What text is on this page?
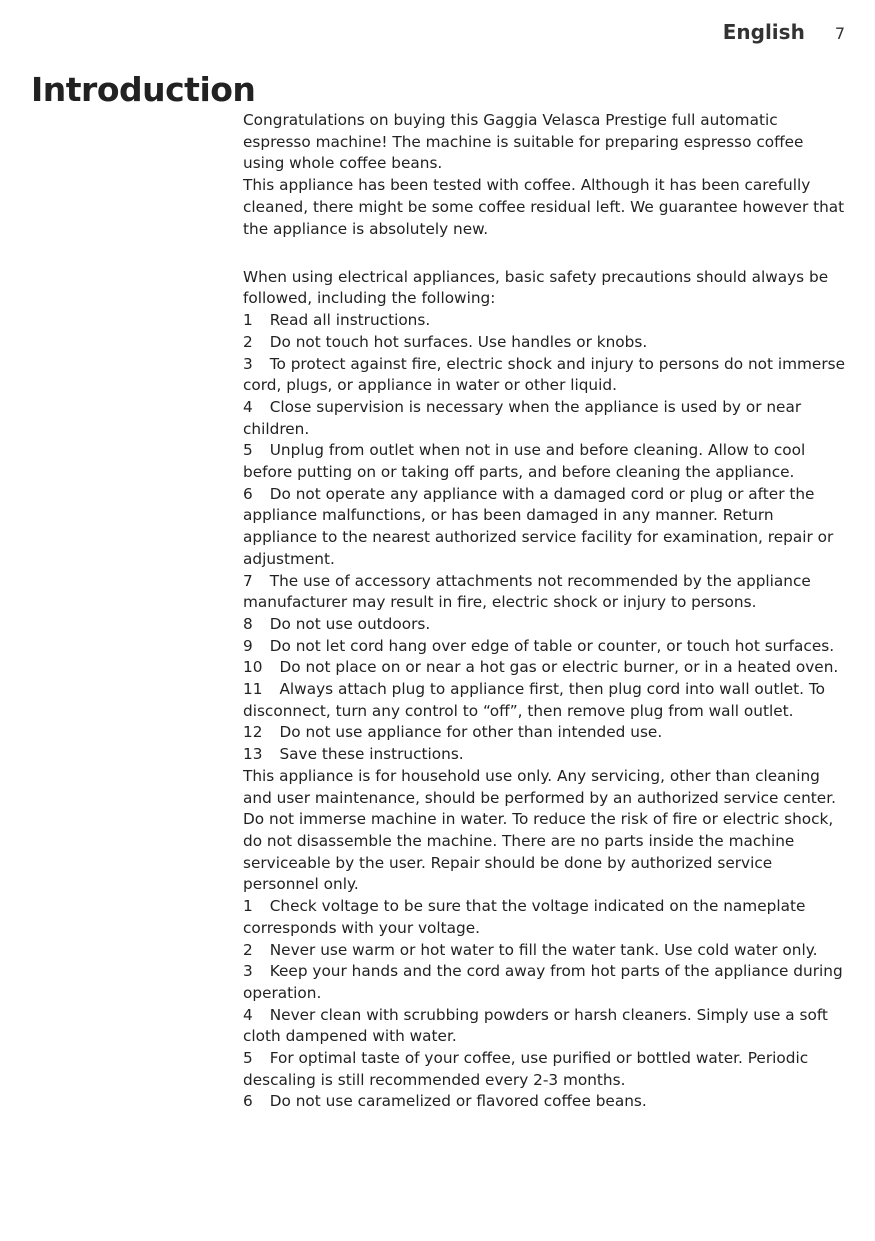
English 7
Introduction

Congratulations on buying this Gaggia Velasca Prestige full automatic espresso machine! The machine is suitable for preparing espresso coffee using whole coffee beans.

This appliance has been tested with coffee. Although it has been carefully cleaned, there might be some coffee residual left. We guarantee however that the appliance is absolutely new.

When using electrical appliances, basic safety precautions should always be followed, including the following:

1 Read all instructions.

2 Do not touch hot surfaces. Use handles or knobs.

3 To protect against fire, electric shock and injury to persons do not immerse cord, plugs, or appliance in water or other liquid.

4 Close supervision is necessary when the appliance is used by or near children.

5 Unplug from outlet when not in use and before cleaning. Allow to cool before putting on or taking off parts, and before cleaning the appliance.

6 Do not operate any appliance with a damaged cord or plug or after the appliance malfunctions, or has been damaged in any manner. Return appliance to the nearest authorized service facility for examination, repair or adjustment.

7 The use of accessory attachments not recommended by the appliance manufacturer may result in fire, electric shock or injury to persons.

8 Do not use outdoors.

9 Do not let cord hang over edge of table or counter, or touch hot surfaces.

10 Do not place on or near a hot gas or electric burner, or in a heated oven.

11 Always attach plug to appliance first, then plug cord into wall outlet. To disconnect, turn any control to “off”, then remove plug from wall outlet.

12 Do not use appliance for other than intended use.

13 Save these instructions.

This appliance is for household use only. Any servicing, other than cleaning and user maintenance, should be performed by an authorized service center. Do not immerse machine in water. To reduce the risk of fire or electric shock, do not disassemble the machine. There are no parts inside the machine serviceable by the user. Repair should be done by authorized service personnel only.

1 Check voltage to be sure that the voltage indicated on the nameplate corresponds with your voltage.

2 Never use warm or hot water to fill the water tank. Use cold water only.

3 Keep your hands and the cord away from hot parts of the appliance during operation.

4 Never clean with scrubbing powders or harsh cleaners. Simply use a soft cloth dampened with water.

5 For optimal taste of your coffee, use purified or bottled water. Periodic descaling is still recommended every 2-3 months.

6 Do not use caramelized or flavored coffee beans.
